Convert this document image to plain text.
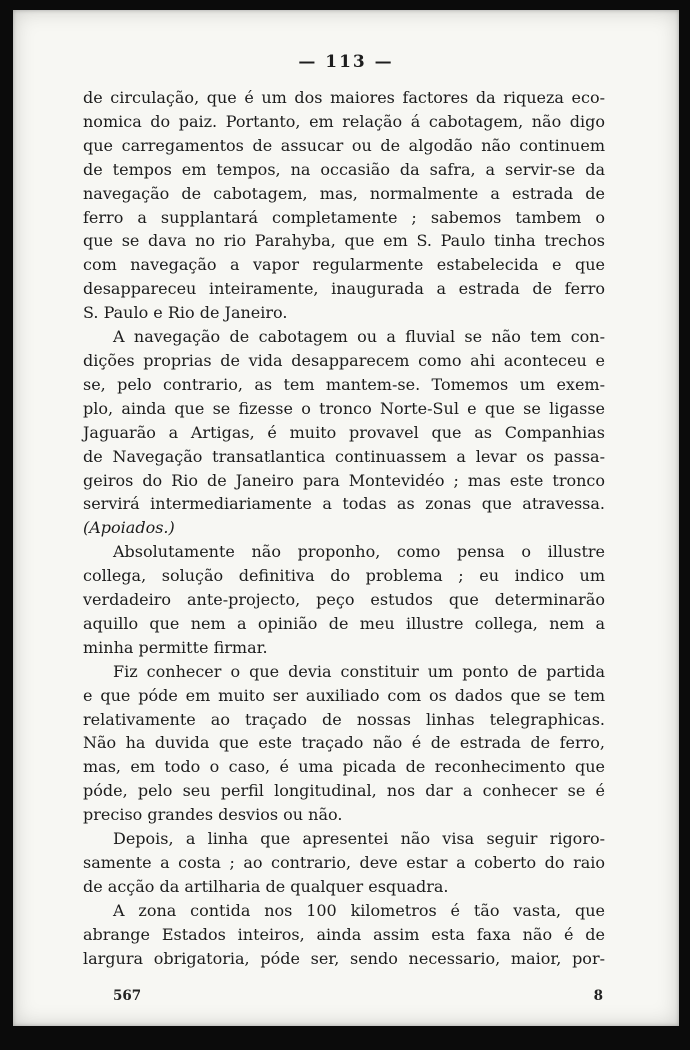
— 113 —
de circulação, que é um dos maiores factores da riqueza eco-
nomica do paiz. Portanto, em relação á cabotagem, não digo
que carregamentos de assucar ou de algodão não continuem
de tempos em tempos, na occasião da safra, a servir-se da
navegação de cabotagem, mas, normalmente a estrada de
ferro a supplantará completamente ; sabemos tambem o
que se dava no rio Parahyba, que em S. Paulo tinha trechos
com navegação a vapor regularmente estabelecida e que
desappareceu inteiramente, inaugurada a estrada de ferro
S. Paulo e Rio de Janeiro.
A navegação de cabotagem ou a fluvial se não tem con-
dições proprias de vida desapparecem como ahi aconteceu e
se, pelo contrario, as tem mantem-se. Tomemos um exem-
plo, ainda que se fizesse o tronco Norte-Sul e que se ligasse
Jaguarão a Artigas, é muito provavel que as Companhias
de Navegação transatlantica continuassem a levar os passa-
geiros do Rio de Janeiro para Montevidéo ; mas este tronco
servirá intermediariamente a todas as zonas que atravessa.
(Apoiados.)
Absolutamente não proponho, como pensa o illustre
collega, solução definitiva do problema ; eu indico um
verdadeiro ante-projecto, peço estudos que determinarão
aquillo que nem a opinião de meu illustre collega, nem a
minha permitte firmar.
Fiz conhecer o que devia constituir um ponto de partida
e que póde em muito ser auxiliado com os dados que se tem
relativamente ao traçado de nossas linhas telegraphicas.
Não ha duvida que este traçado não é de estrada de ferro,
mas, em todo o caso, é uma picada de reconhecimento que
póde, pelo seu perfil longitudinal, nos dar a conhecer se é
preciso grandes desvios ou não.
Depois, a linha que apresentei não visa seguir rigoro-
samente a costa ; ao contrario, deve estar a coberto do raio
de acção da artilharia de qualquer esquadra.
A zona contida nos 100 kilometros é tão vasta, que
abrange Estados inteiros, ainda assim esta faxa não é de
largura obrigatoria, póde ser, sendo necessario, maior, por-
567	8
